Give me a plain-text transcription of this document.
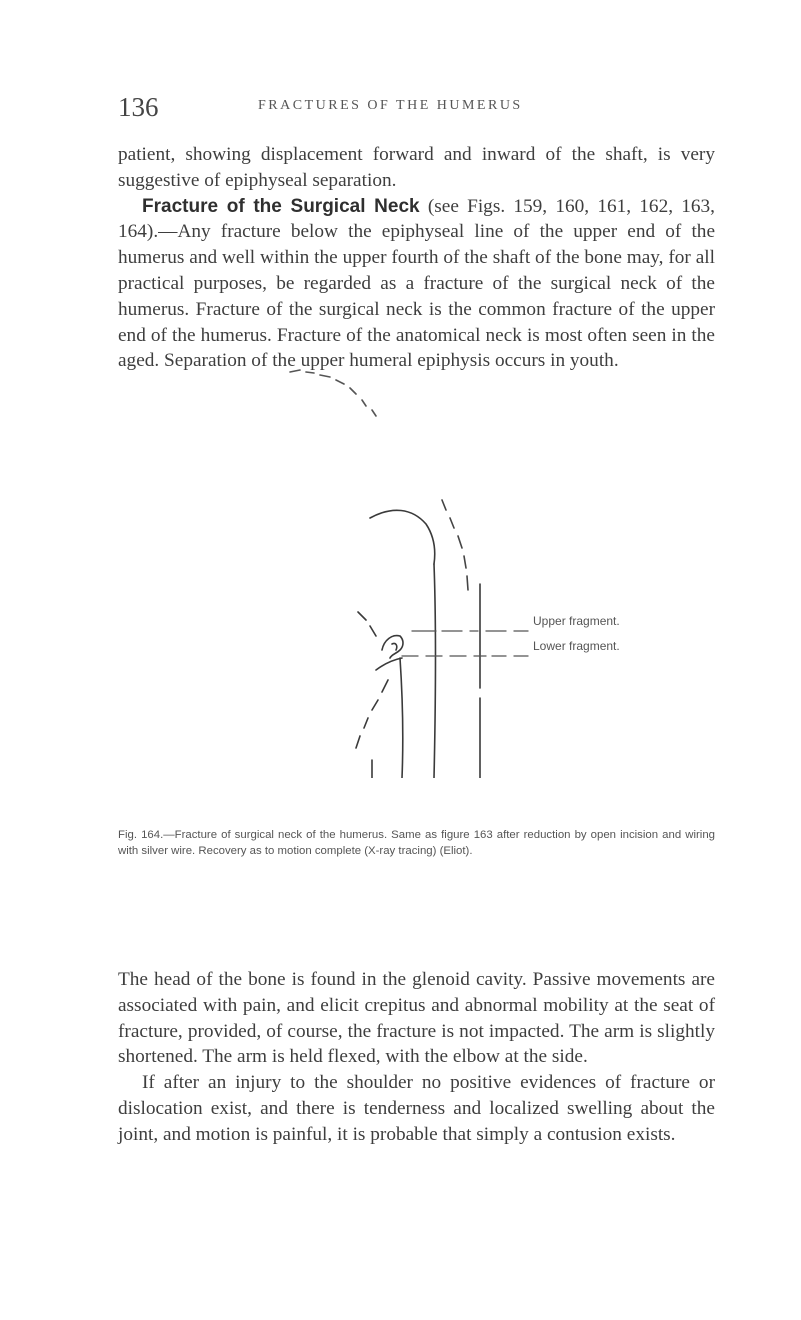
136	FRACTURES OF THE HUMERUS

patient, showing displacement forward and inward of the shaft, is very suggestive of epiphyseal separation.

Fracture of the Surgical Neck (see Figs. 159, 160, 161, 162, 163, 164).—Any fracture below the epiphyseal line of the upper end of the humerus and well within the upper fourth of the shaft of the bone may, for all practical purposes, be regarded as a fracture of the surgical neck of the humerus. Fracture of the surgical neck is the common fracture of the upper end of the humerus. Fracture of the anatomical neck is most often seen in the aged. Separation of the upper humeral epiphysis occurs in youth.

Upper fragment.
Lower fragment.
Fig. 164.—Fracture of surgical neck of the humerus. Same as figure 163 after reduction by open incision and wiring with silver wire. Recovery as to motion complete (X-ray tracing) (Eliot).

The head of the bone is found in the glenoid cavity. Passive movements are associated with pain, and elicit crepitus and abnormal mobility at the seat of fracture, provided, of course, the fracture is not impacted. The arm is slightly shortened. The arm is held flexed, with the elbow at the side.

If after an injury to the shoulder no positive evidences of fracture or dislocation exist, and there is tenderness and localized swelling about the joint, and motion is painful, it is probable that simply a contusion exists.
